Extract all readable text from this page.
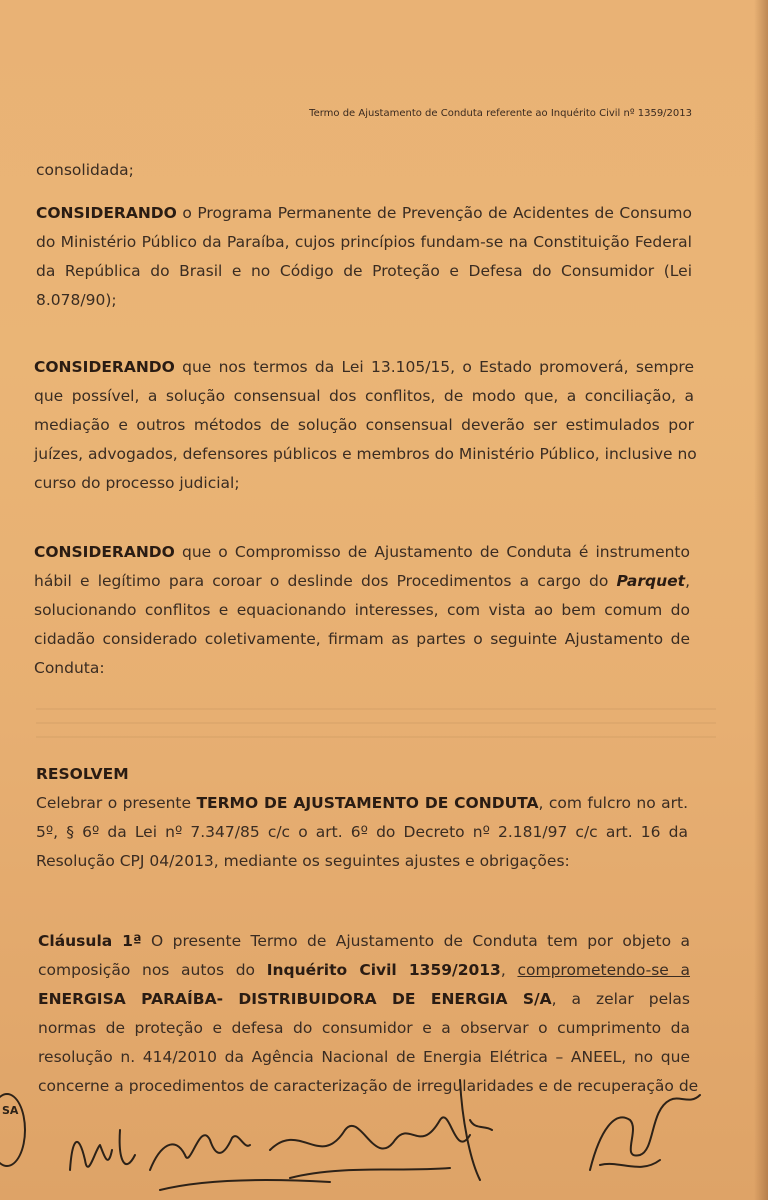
Termo de Ajustamento de Conduta referente ao Inquérito Civil nº 1359/2013
consolidada;
CONSIDERANDO o Programa Permanente de Prevenção de Acidentes de Consumo
do Ministério Público da Paraíba, cujos princípios fundam-se na Constituição Federal
da República do Brasil e no Código de Proteção e Defesa do Consumidor (Lei
8.078/90);
CONSIDERANDO que nos termos da Lei 13.105/15, o Estado promoverá, sempre
que possível, a solução consensual dos conflitos, de modo que, a conciliação, a
mediação e outros métodos de solução consensual deverão ser estimulados por
juízes, advogados, defensores públicos e membros do Ministério Público, inclusive no
curso do processo judicial;
CONSIDERANDO que o Compromisso de Ajustamento de Conduta é instrumento
hábil e legítimo para coroar o deslinde dos Procedimentos a cargo do Parquet,
solucionando conflitos e equacionando interesses, com vista ao bem comum do
cidadão considerado coletivamente, firmam as partes o seguinte Ajustamento de
Conduta:
RESOLVEM
Celebrar o presente TERMO DE AJUSTAMENTO DE CONDUTA, com fulcro no art.
5º, § 6º da Lei nº 7.347/85 c/c o art. 6º do Decreto nº 2.181/97 c/c art. 16 da
Resolução CPJ 04/2013, mediante os seguintes ajustes e obrigações:
Cláusula 1ª O presente Termo de Ajustamento de Conduta tem por objeto a
composição nos autos do Inquérito Civil 1359/2013, comprometendo-se a
ENERGISA PARAÍBA- DISTRIBUIDORA DE ENERGIA S/A, a zelar pelas
normas de proteção e defesa do consumidor e a observar o cumprimento da
resolução n. 414/2010 da Agência Nacional de Energia Elétrica – ANEEL, no que
concerne a procedimentos de caracterização de irregularidades e de recuperação de
SA
